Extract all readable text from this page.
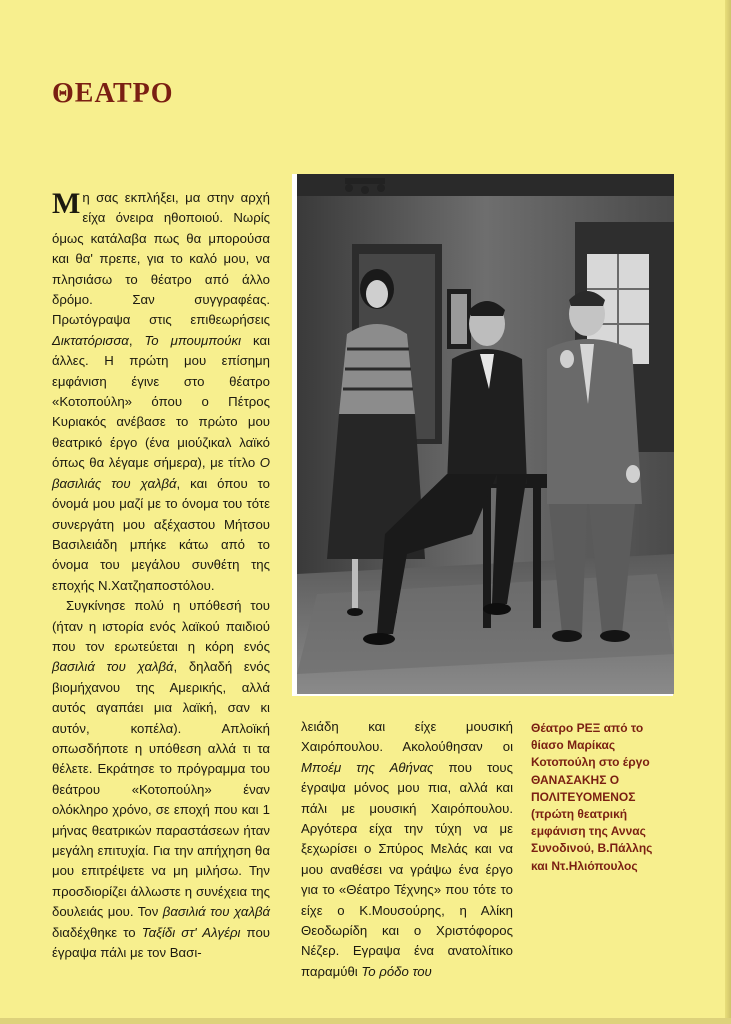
ΘΕΑΤΡΟ

Μ η σας εκπλήξει, μα στην αρχή είχα όνειρα ηθοποιού. Νωρίς όμως κατάλαβα πως θα μπορούσα και θα' πρεπε, για το καλό μου, να πλησιάσω το θέατρο από άλλο δρόμο. Σαν συγγραφέας. Πρωτόγραψα στις επιθεωρήσεις Δικτατόρισσα, Το μπουμπούκι και άλλες. Η πρώτη μου επίσημη εμφάνιση έγινε στο θέατρο «Κοτοπούλη» όπου ο Πέτρος Κυριακός ανέβασε το πρώτο μου θεατρικό έργο (ένα μιούζικαλ λαϊκό όπως θα λέγαμε σήμερα), με τίτλο Ο βασιλιάς του χαλβά, και όπου το όνομά μου μαζί με το όνομα του τότε συνεργάτη μου αξέχαστου Μήτσου Βασιλειάδη μπήκε κάτω από το όνομα του μεγάλου συνθέτη της εποχής Ν.Χατζηαποστόλου.

Συγκίνησε πολύ η υπόθεσή του (ήταν η ιστορία ενός λαϊκού παιδιού που τον ερωτεύεται η κόρη ενός βασιλιά του χαλβά, δηλαδή ενός βιομήχανου της Αμερικής, αλλά αυτός αγαπάει μια λαϊκή, σαν κι αυτόν, κοπέλα). Απλοϊκή οπωσδήποτε η υπόθεση αλλά τι τα θέλετε. Εκράτησε το πρόγραμμα του θεάτρου «Κοτοπούλη» έναν ολόκληρο χρόνο, σε εποχή που και 1 μήνας θεατρικών παραστάσεων ήταν μεγάλη επιτυχία. Για την απήχηση θα μου επιτρέψετε να μη μιλήσω. Την προσδιορίζει άλλωστε η συνέχεια της δουλειάς μου. Τον βασιλιά του χαλβά διαδέχθηκε το Ταξίδι στ' Αλγέρι που έγραψα πάλι με τον Βασι-

λειάδη και είχε μουσική Χαιρόπουλου. Ακολούθησαν οι Μπoέμ της Αθήνας που τους έγραψα μόνος μου πια, αλλά και πάλι με μουσική Χαιρόπουλου. Αργότερα είχα την τύχη να με ξεχωρίσει ο Σπύρος Μελάς και να μου αναθέσει να γράψω ένα έργο για το «Θέατρο Τέχνης» που τότε το είχε ο Κ.Μουσούρης, η Αλίκη Θεοδωρίδη και ο Χριστόφορος Νέζερ. Εγραψα ένα ανατολίτικο παραμύθι Το ρόδο του

Θέατρο ΡΕΞ από το
θίασο Μαρίκας
Κοτοπούλη στο έργο
ΘΑΝΑΣΑΚΗΣ Ο
ΠΟΛΙΤΕΥΟΜΕΝΟΣ
(πρώτη θεατρική
εμφάνιση της Αννας
Συνοδινού, Β.Πάλλης
και Ντ.Ηλιόπουλος
